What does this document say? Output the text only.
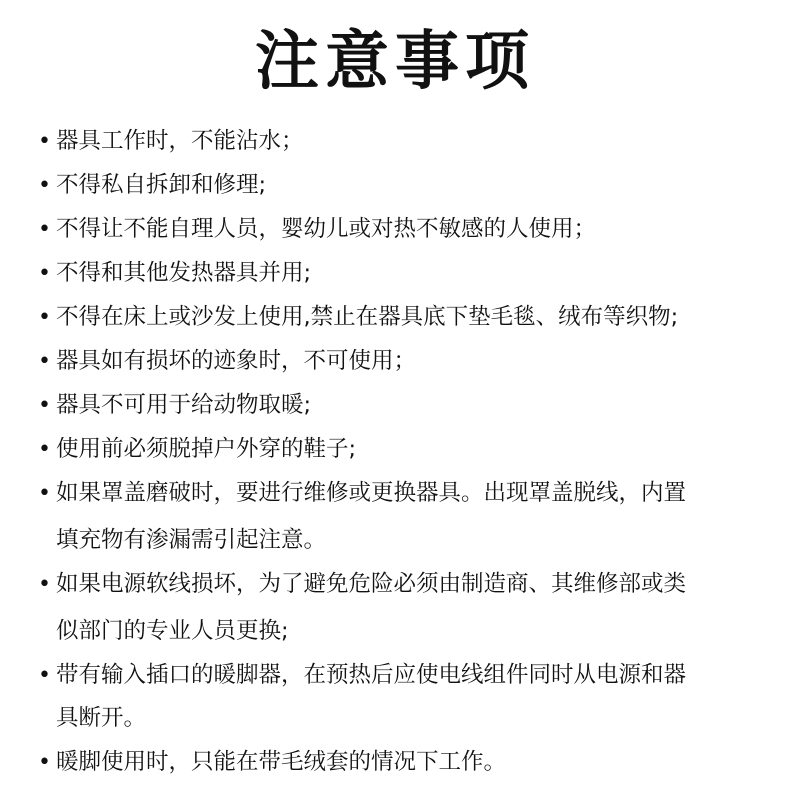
注意事项
• 器具工作时，不能沾水；
• 不得私自拆卸和修理;
• 不得让不能自理人员，婴幼儿或对热不敏感的人使用；
• 不得和其他发热器具并用;
• 不得在床上或沙发上使用,禁止在器具底下垫毛毯、绒布等织物;
• 器具如有损坏的迹象时，不可使用；
• 器具不可用于给动物取暖;
• 使用前必须脱掉户外穿的鞋子;
• 如果罩盖磨破时，要进行维修或更换器具。出现罩盖脱线，内置
填充物有渗漏需引起注意。
• 如果电源软线损坏，为了避免危险必须由制造商、其维修部或类
似部门的专业人员更换;
• 带有输入插口的暖脚器，在预热后应使电线组件同时从电源和器
具断开。
• 暖脚使用时，只能在带毛绒套的情况下工作。
